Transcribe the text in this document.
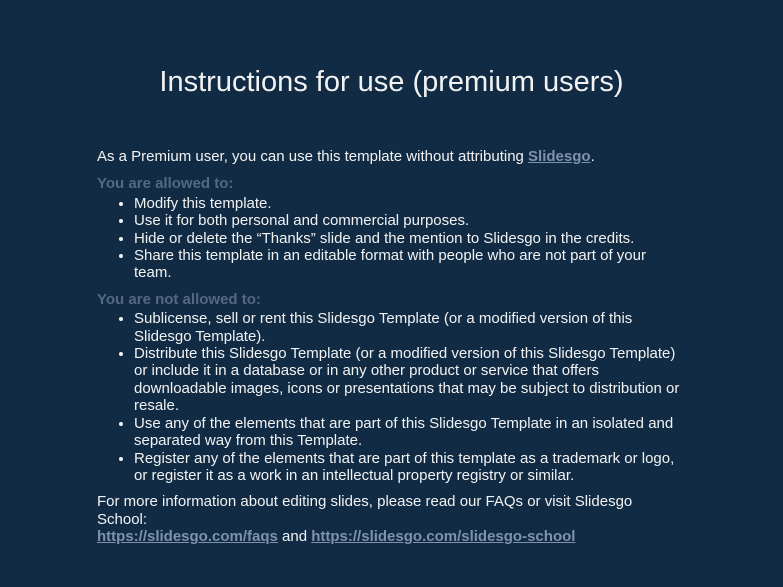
Instructions for use (premium users)

As a Premium user, you can use this template without attributing Slidesgo.

You are allowed to:
• Modify this template.
• Use it for both personal and commercial purposes.
• Hide or delete the “Thanks” slide and the mention to Slidesgo in the credits.
• Share this template in an editable format with people who are not part of your team.
You are not allowed to:
• Sublicense, sell or rent this Slidesgo Template (or a modified version of this Slidesgo Template).
• Distribute this Slidesgo Template (or a modified version of this Slidesgo Template) or include it in a database or in any other product or service that offers downloadable images, icons or presentations that may be subject to distribution or resale.
• Use any of the elements that are part of this Slidesgo Template in an isolated and separated way from this Template.
• Register any of the elements that are part of this template as a trademark or logo, or register it as a work in an intellectual property registry or similar.

For more information about editing slides, please read our FAQs or visit Slidesgo School:
https://slidesgo.com/faqs and https://slidesgo.com/slidesgo-school
